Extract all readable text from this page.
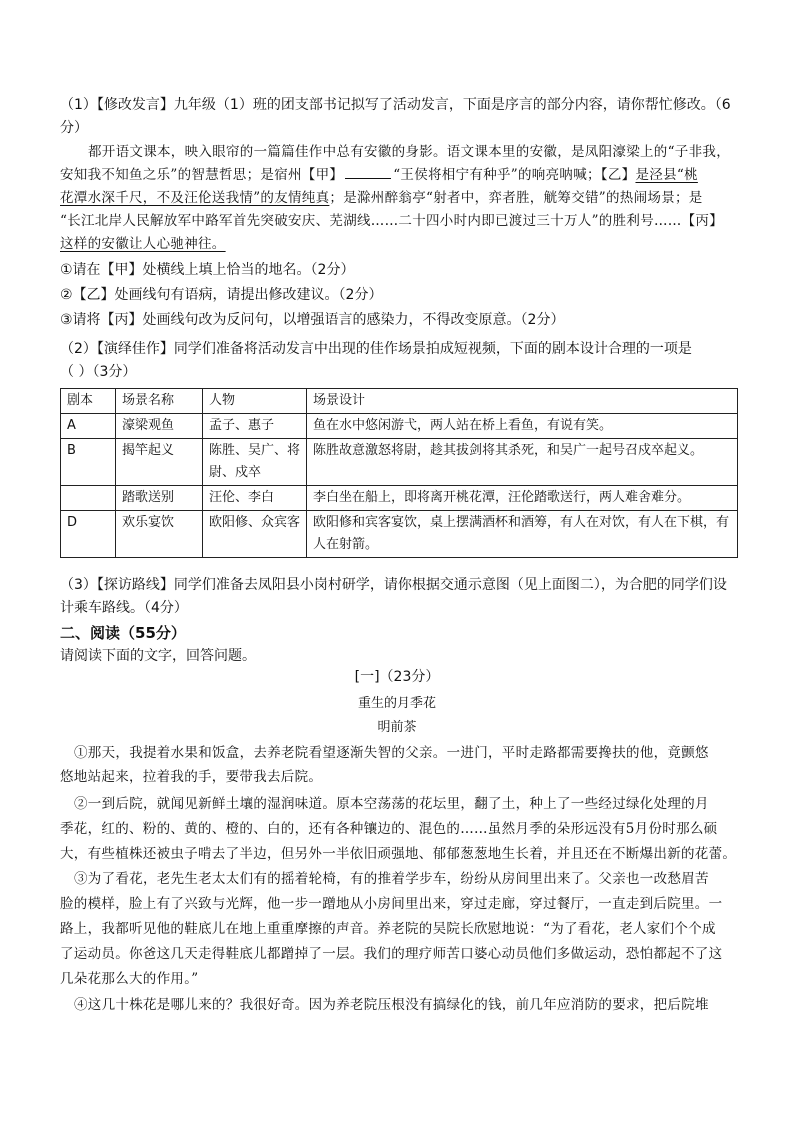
（1）【修改发言】九年级（1）班的团支部书记拟写了活动发言，下面是序言的部分内容，请你帮忙修改。（6

分）

都开语文课本，映入眼帘的一篇篇佳作中总有安徽的身影。语文课本里的安徽，是凤阳濠梁上的“子非我，

安知我不知鱼之乐”的智慧哲思；是宿州【甲】	“王侯将相宁有种乎”的响亮呐喊；【乙】是泾县“桃

花潭水深千尺，不及汪伦送我情”的友情纯真；是滁州醉翁亭“射者中，弈者胜，觥筹交错”的热闹场景；是

“长江北岸人民解放军中路军首先突破安庆、芜湖线……二十四小时内即已渡过三十万人”的胜利号……【丙】

这样的安徽让人心驰神往。

①请在【甲】处横线上填上恰当的地名。（2分）

②【乙】处画线句有语病，请提出修改建议。（2分）

③请将【丙】处画线句改为反问句，以增强语言的感染力，不得改变原意。（2分）

（2）【演绎佳作】同学们准备将活动发言中出现的佳作场景拍成短视频，下面的剧本设计合理的一项是

（ ）（3分）

剧本	场景名称	人物	场景设计
A	濠梁观鱼	孟子、惠子	鱼在水中悠闲游弋，两人站在桥上看鱼，有说有笑。
B	揭竿起义	陈胜、吴广、将尉、戍卒	陈胜故意激怒将尉，趁其拔剑将其杀死，和吴广一起号召戍卒起义。
	踏歌送别	汪伦、李白	李白坐在船上，即将离开桃花潭，汪伦踏歌送行，两人难舍难分。
D	欢乐宴饮	欧阳修、众宾客	欧阳修和宾客宴饮，桌上摆满酒杯和酒筹，有人在对饮，有人在下棋，有人在射箭。

（3）【探访路线】同学们准备去凤阳县小岗村研学，请你根据交通示意图（见上面图二），为合肥的同学们设

计乘车路线。（4分）

二、阅读（55分）

请阅读下面的文字，回答问题。

[一]（23分）

重生的月季花

明前茶

①那天，我提着水果和饭盒，去养老院看望逐渐失智的父亲。一进门，平时走路都需要搀扶的他，竟颤悠

悠地站起来，拉着我的手，要带我去后院。

②一到后院，就闻见新鲜土壤的湿润味道。原本空荡荡的花坛里，翻了土，种上了一些经过绿化处理的月

季花，红的、粉的、黄的、橙的、白的，还有各种镶边的、混色的……虽然月季的朵形远没有5月份时那么硕

大，有些植株还被虫子啃去了半边，但另外一半依旧顽强地、郁郁葱葱地生长着，并且还在不断爆出新的花蕾。

③为了看花，老先生老太太们有的摇着轮椅，有的推着学步车，纷纷从房间里出来了。父亲也一改愁眉苦

脸的模样，脸上有了兴致与光辉，他一步一蹭地从小房间里出来，穿过走廊，穿过餐厅，一直走到后院里。一

路上，我都听见他的鞋底儿在地上重重摩擦的声音。养老院的吴院长欣慰地说：“为了看花，老人家们个个成

了运动员。你爸这几天走得鞋底儿都蹭掉了一层。我们的理疗师苦口婆心动员他们多做运动，恐怕都起不了这

几朵花那么大的作用。”

④这几十株花是哪儿来的？我很好奇。因为养老院压根没有搞绿化的钱，前几年应消防的要求，把后院堆
